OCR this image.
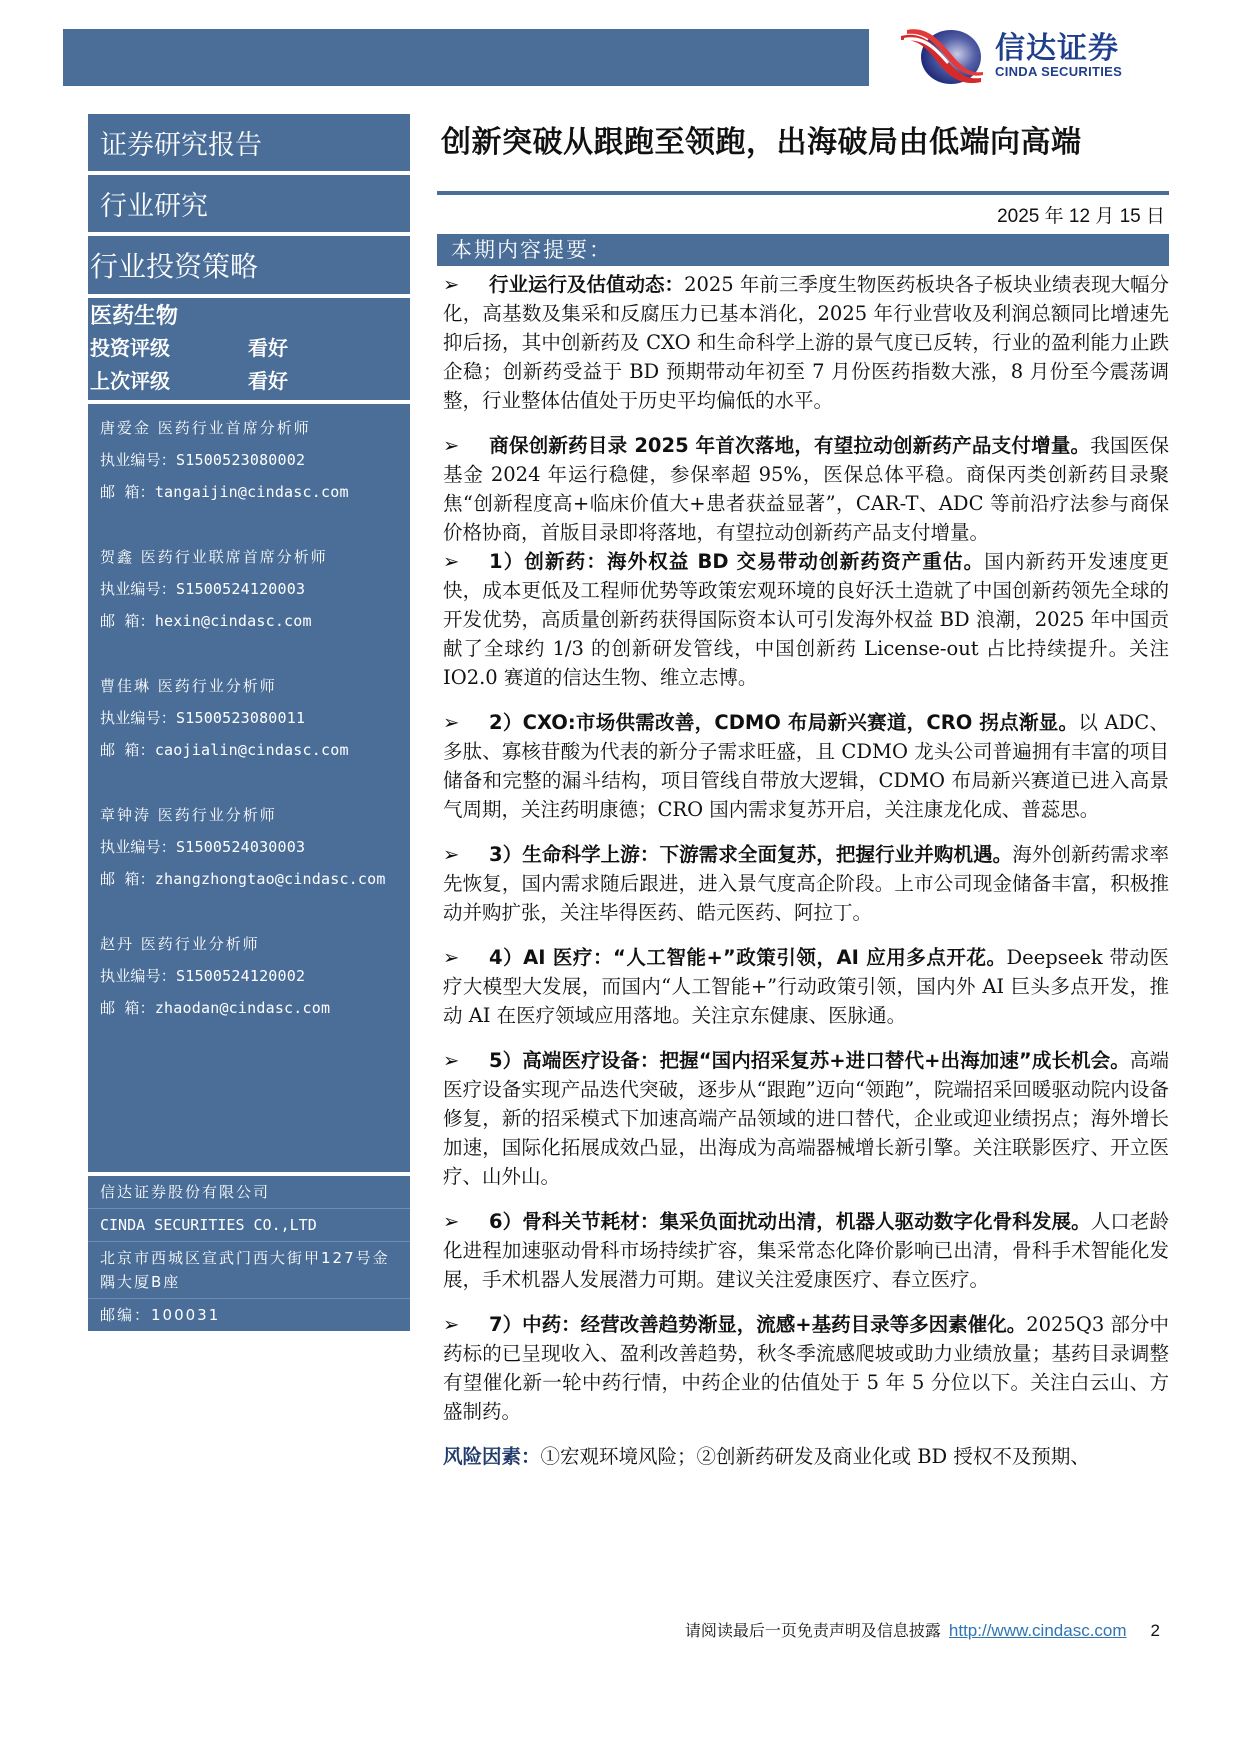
信达证券
CINDA SECURITIES
证券研究报告
行业研究
行业投资策略
医药生物
投资评级	看好
上次评级	看好
唐爱金 医药行业首席分析师
执业编号：S1500523080002
邮 箱：tangaijin@cindasc.com
贺鑫 医药行业联席首席分析师
执业编号：S1500524120003
邮 箱：hexin@cindasc.com
曹佳琳 医药行业分析师
执业编号：S1500523080011
邮 箱：caojialin@cindasc.com
章钟涛 医药行业分析师
执业编号：S1500524030003
邮 箱：zhangzhongtao@cindasc.com
赵丹 医药行业分析师
执业编号：S1500524120002
邮 箱：zhaodan@cindasc.com
信达证券股份有限公司
CINDA SECURITIES CO.,LTD
北京市西城区宣武门西大街甲127号金隅大厦B座
邮编：100031
创新突破从跟跑至领跑，出海破局由低端向高端
2025 年 12 月 15 日
本期内容提要：

➢ 行业运行及估值动态：2025 年前三季度生物医药板块各子板块业绩表现大幅分化，高基数及集采和反腐压力已基本消化，2025 年行业营收及利润总额同比增速先抑后扬，其中创新药及 CXO 和生命科学上游的景气度已反转，行业的盈利能力止跌企稳；创新药受益于 BD 预期带动年初至 7 月份医药指数大涨，8 月份至今震荡调整，行业整体估值处于历史平均偏低的水平。

➢ 商保创新药目录 2025 年首次落地，有望拉动创新药产品支付增量。我国医保基金 2024 年运行稳健，参保率超 95%，医保总体平稳。商保丙类创新药目录聚焦“创新程度高+临床价值大+患者获益显著”，CAR-T、ADC 等前沿疗法参与商保价格协商，首版目录即将落地，有望拉动创新药产品支付增量。

➢ 1）创新药：海外权益 BD 交易带动创新药资产重估。国内新药开发速度更快，成本更低及工程师优势等政策宏观环境的良好沃土造就了中国创新药领先全球的开发优势，高质量创新药获得国际资本认可引发海外权益 BD 浪潮，2025 年中国贡献了全球约 1/3 的创新研发管线，中国创新药 License-out 占比持续提升。关注 IO2.0 赛道的信达生物、维立志博。

➢ 2）CXO:市场供需改善，CDMO 布局新兴赛道，CRO 拐点渐显。以 ADC、多肽、寡核苷酸为代表的新分子需求旺盛，且 CDMO 龙头公司普遍拥有丰富的项目储备和完整的漏斗结构，项目管线自带放大逻辑，CDMO 布局新兴赛道已进入高景气周期，关注药明康德；CRO 国内需求复苏开启，关注康龙化成、普蕊思。

➢ 3）生命科学上游：下游需求全面复苏，把握行业并购机遇。海外创新药需求率先恢复，国内需求随后跟进，进入景气度高企阶段。上市公司现金储备丰富，积极推动并购扩张，关注毕得医药、皓元医药、阿拉丁。

➢ 4）AI 医疗：“人工智能+”政策引领，AI 应用多点开花。Deepseek 带动医疗大模型大发展，而国内“人工智能+”行动政策引领，国内外 AI 巨头多点开发，推动 AI 在医疗领域应用落地。关注京东健康、医脉通。

➢ 5）高端医疗设备：把握“国内招采复苏+进口替代+出海加速”成长机会。高端医疗设备实现产品迭代突破，逐步从“跟跑”迈向“领跑”，院端招采回暖驱动院内设备修复，新的招采模式下加速高端产品领域的进口替代，企业或迎业绩拐点；海外增长加速，国际化拓展成效凸显，出海成为高端器械增长新引擎。关注联影医疗、开立医疗、山外山。

➢ 6）骨科关节耗材：集采负面扰动出清，机器人驱动数字化骨科发展。人口老龄化进程加速驱动骨科市场持续扩容，集采常态化降价影响已出清，骨科手术智能化发展，手术机器人发展潜力可期。建议关注爱康医疗、春立医疗。

➢ 7）中药：经营改善趋势渐显，流感+基药目录等多因素催化。2025Q3 部分中药标的已呈现收入、盈利改善趋势，秋冬季流感爬坡或助力业绩放量；基药目录调整有望催化新一轮中药行情，中药企业的估值处于 5 年 5 分位以下。关注白云山、方盛制药。

风险因素：①宏观环境风险；②创新药研发及商业化或 BD 授权不及预期、
请阅读最后一页免责声明及信息披露 http://www.cindasc.com 2
